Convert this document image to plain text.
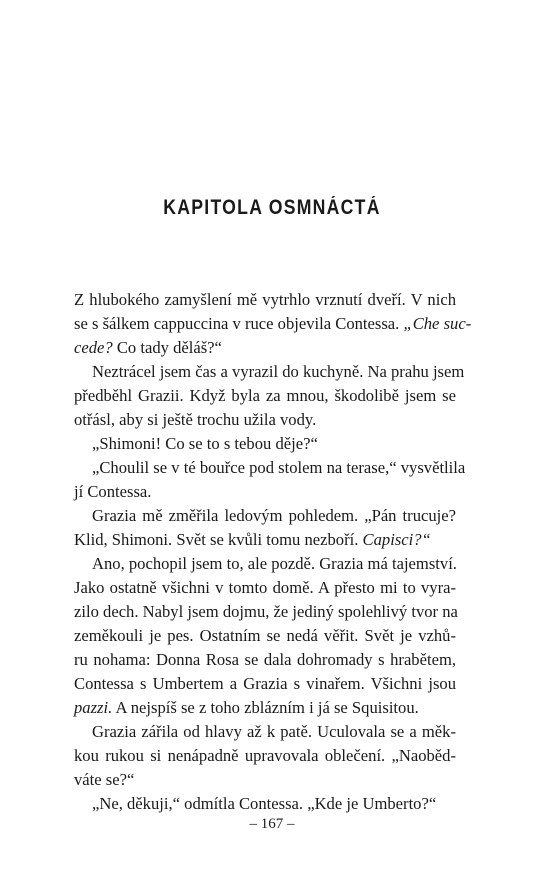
KAPITOLA OSMNÁCTÁ
Z hlubokého zamyšlení mě vytrhlo vrznutí dveří. V nich
se s šálkem cappuccina v ruce objevila Contessa. „Che suc-
cede? Co tady děláš?“
Neztrácel jsem čas a vyrazil do kuchyně. Na prahu jsem
předběhl Grazii. Když byla za mnou, škodolibě jsem se
otřásl, aby si ještě trochu užila vody.
„Shimoni! Co se to s tebou děje?“
„Choulil se v té bouřce pod stolem na terase,“ vysvětlila
jí Contessa.
Grazia mě změřila ledovým pohledem. „Pán trucuje?
Klid, Shimoni. Svět se kvůli tomu nezboří. Capisci?“
Ano, pochopil jsem to, ale pozdě. Grazia má tajemství.
Jako ostatně všichni v tomto domě. A přesto mi to vyra-
zilo dech. Nabyl jsem dojmu, že jediný spolehlivý tvor na
zeměkouli je pes. Ostatním se nedá věřit. Svět je vzhů-
ru nohama: Donna Rosa se dala dohromady s hrabětem,
Contessa s Umbertem a Grazia s vinařem. Všichni jsou
pazzi. A nejspíš se z toho zblázním i já se Squisitou.
Grazia zářila od hlavy až k patě. Uculovala se a měk-
kou rukou si nenápadně upravovala oblečení. „Naoběd-
váte se?“
„Ne, děkuji,“ odmítla Contessa. „Kde je Umberto?“
– 167 –
